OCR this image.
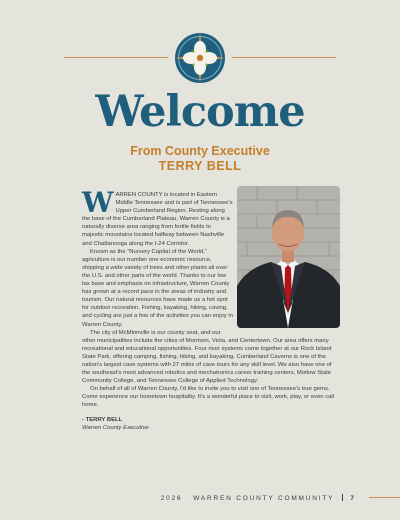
Welcome
From County Executive
TERRY BELL

WARREN COUNTY is located in Eastern Middle Tennessee and is part of Tennessee's Upper Cumberland Region. Resting along the base of the Cumberland Plateau, Warren County is a naturally diverse area ranging from fertile fields to majestic mountains located halfway between Nashville and Chattanooga along the I-24 Corridor.

Known as the “Nursery Capital of the World,” agriculture is our number one economic resource, shipping a wide variety of trees and other plants all over the U.S. and other parts of the world. Thanks to our low tax base and emphasis on infrastructure, Warren County has grown at a record pace in the areas of industry and tourism. Our natural resources have made us a hot spot for outdoor recreation. Fishing, kayaking, hiking, caving, and cycling are just a few of the activities you can enjoy in Warren County.

The city of McMinnville is our county seat, and our other municipalities include the cities of Morrison, Viola, and Centertown. Our area offers many recreational and educational opportunities. Four river systems come together at our Rock Island State Park, offering camping, fishing, hiking, and kayaking. Cumberland Caverns is one of the nation's largest cave systems with 27 miles of cave tours for any skill level. We also have one of the southeast's most advanced robotics and mechatronics career training centers, Motlow State Community College, and Tennessee College of Applied Technology.

On behalf of all of Warren County, I'd like to invite you to visit one of Tennessee's true gems. Come experience our hometown hospitality. It's a wonderful place to visit, work, play, or even call home.

- TERRY BELL

Warren County Executive

2026 WARREN COUNTY COMMUNITY 7
